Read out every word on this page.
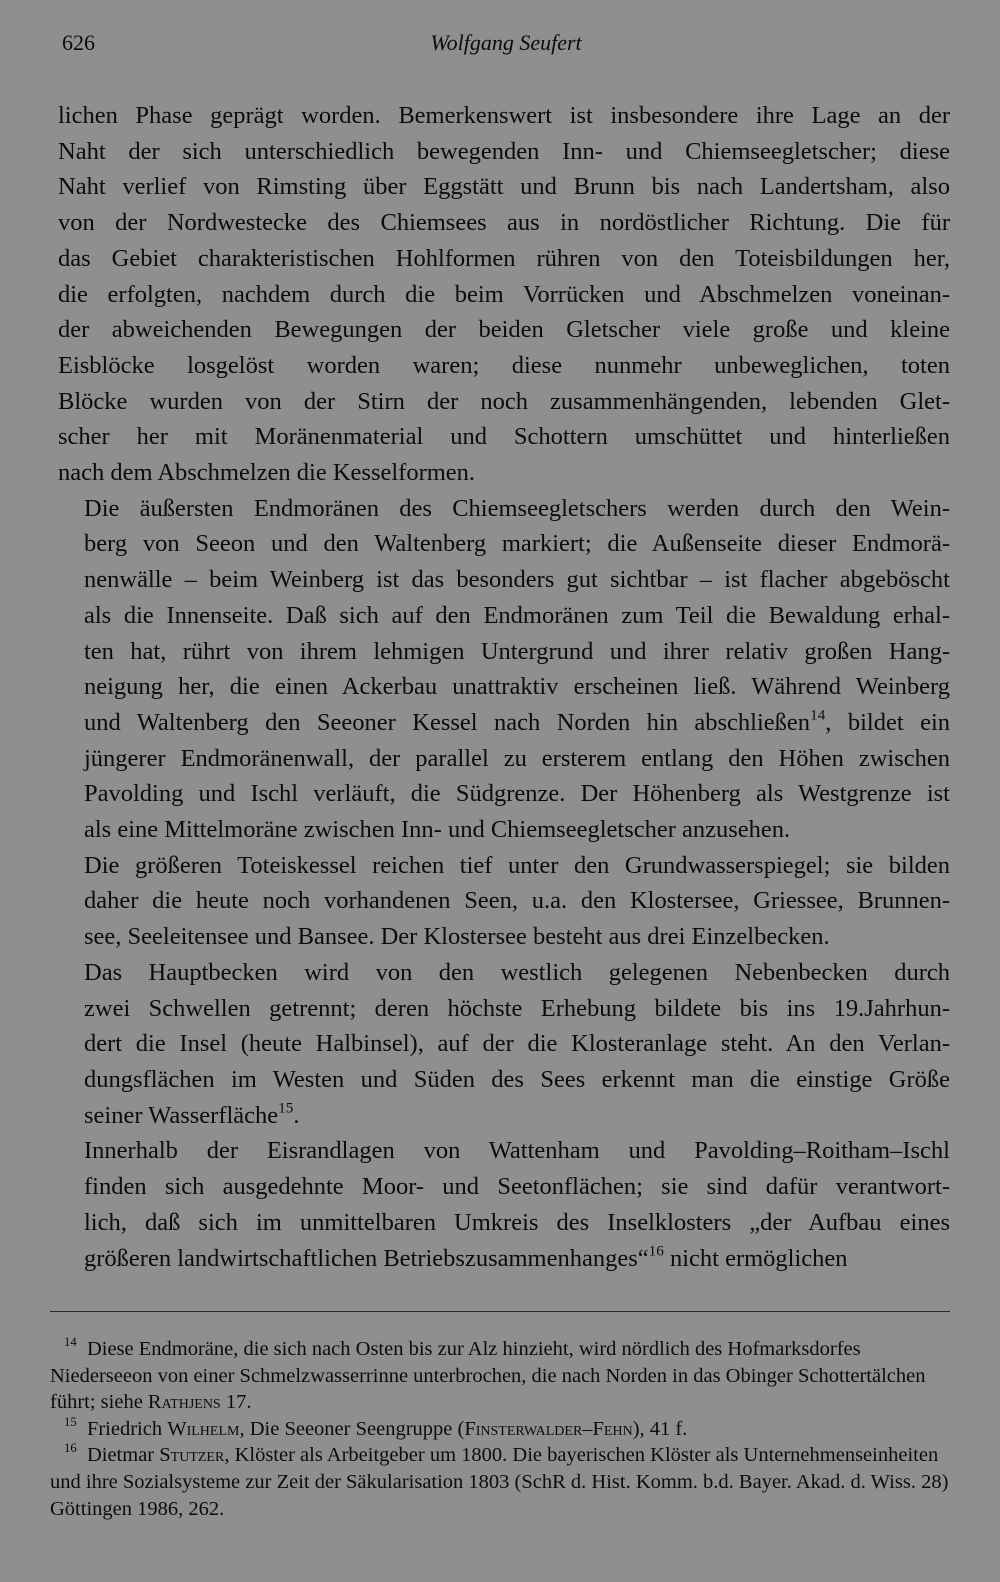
626	Wolfgang Seufert

lichen Phase geprägt worden. Bemerkenswert ist insbesondere ihre Lage an der
Naht der sich unterschiedlich bewegenden Inn- und Chiemseegletscher; diese
Naht verlief von Rimsting über Eggstätt und Brunn bis nach Landertsham, also
von der Nordwestecke des Chiemsees aus in nordöstlicher Richtung. Die für
das Gebiet charakteristischen Hohlformen rühren von den Toteisbildungen her,
die erfolgten, nachdem durch die beim Vorrücken und Abschmelzen voneinan-
der abweichenden Bewegungen der beiden Gletscher viele große und kleine
Eisblöcke losgelöst worden waren; diese nunmehr unbeweglichen, toten
Blöcke wurden von der Stirn der noch zusammenhängenden, lebenden Glet-
scher her mit Moränenmaterial und Schottern umschüttet und hinterließen
nach dem Abschmelzen die Kesselformen.

Die äußersten Endmoränen des Chiemseegletschers werden durch den Wein-
berg von Seeon und den Waltenberg markiert; die Außenseite dieser Endmorä-
nenwälle – beim Weinberg ist das besonders gut sichtbar – ist flacher abgeböscht
als die Innenseite. Daß sich auf den Endmoränen zum Teil die Bewaldung erhal-
ten hat, rührt von ihrem lehmigen Untergrund und ihrer relativ großen Hang-
neigung her, die einen Ackerbau unattraktiv erscheinen ließ. Während Weinberg
und Waltenberg den Seeoner Kessel nach Norden hin abschließen$^{14}$, bildet ein
jüngerer Endmoränenwall, der parallel zu ersterem entlang den Höhen zwischen
Pavolding und Ischl verläuft, die Südgrenze. Der Höhenberg als Westgrenze ist
als eine Mittelmoräne zwischen Inn- und Chiemseegletscher anzusehen.

Die größeren Toteiskessel reichen tief unter den Grundwasserspiegel; sie bilden
daher die heute noch vorhandenen Seen, u.a. den Klostersee, Griessee, Brunnen-
see, Seeleitensee und Bansee. Der Klostersee besteht aus drei Einzelbecken.

Das Hauptbecken wird von den westlich gelegenen Nebenbecken durch
zwei Schwellen getrennt; deren höchste Erhebung bildete bis ins 19.Jahrhun-
dert die Insel (heute Halbinsel), auf der die Klosteranlage steht. An den Verlan-
dungsflächen im Westen und Süden des Sees erkennt man die einstige Größe
seiner Wasserfläche$^{15}$.

Innerhalb der Eisrandlagen von Wattenham und Pavolding–Roitham–Ischl
finden sich ausgedehnte Moor- und Seetonflächen; sie sind dafür verantwort-
lich, daß sich im unmittelbaren Umkreis des Inselklosters „der Aufbau eines
größeren landwirtschaftlichen Betriebszusammenhanges“$^{16}$ nicht ermöglichen

$^{14}$  Diese Endmoräne, die sich nach Osten bis zur Alz hinzieht, wird nördlich des Hofmarksdorfes Niederseeon von einer Schmelzwasserrinne unterbrochen, die nach Norden in das Obinger Schottertälchen führt; siehe Rathjens 17.

$^{15}$  Friedrich Wilhelm, Die Seeoner Seengruppe (Finsterwalder–Fehn), 41 f.

$^{16}$  Dietmar Stutzer, Klöster als Arbeitgeber um 1800. Die bayerischen Klöster als Unternehmenseinheiten und ihre Sozialsysteme zur Zeit der Säkularisation 1803 (SchR d. Hist. Komm. b.d. Bayer. Akad. d. Wiss. 28) Göttingen 1986, 262.
